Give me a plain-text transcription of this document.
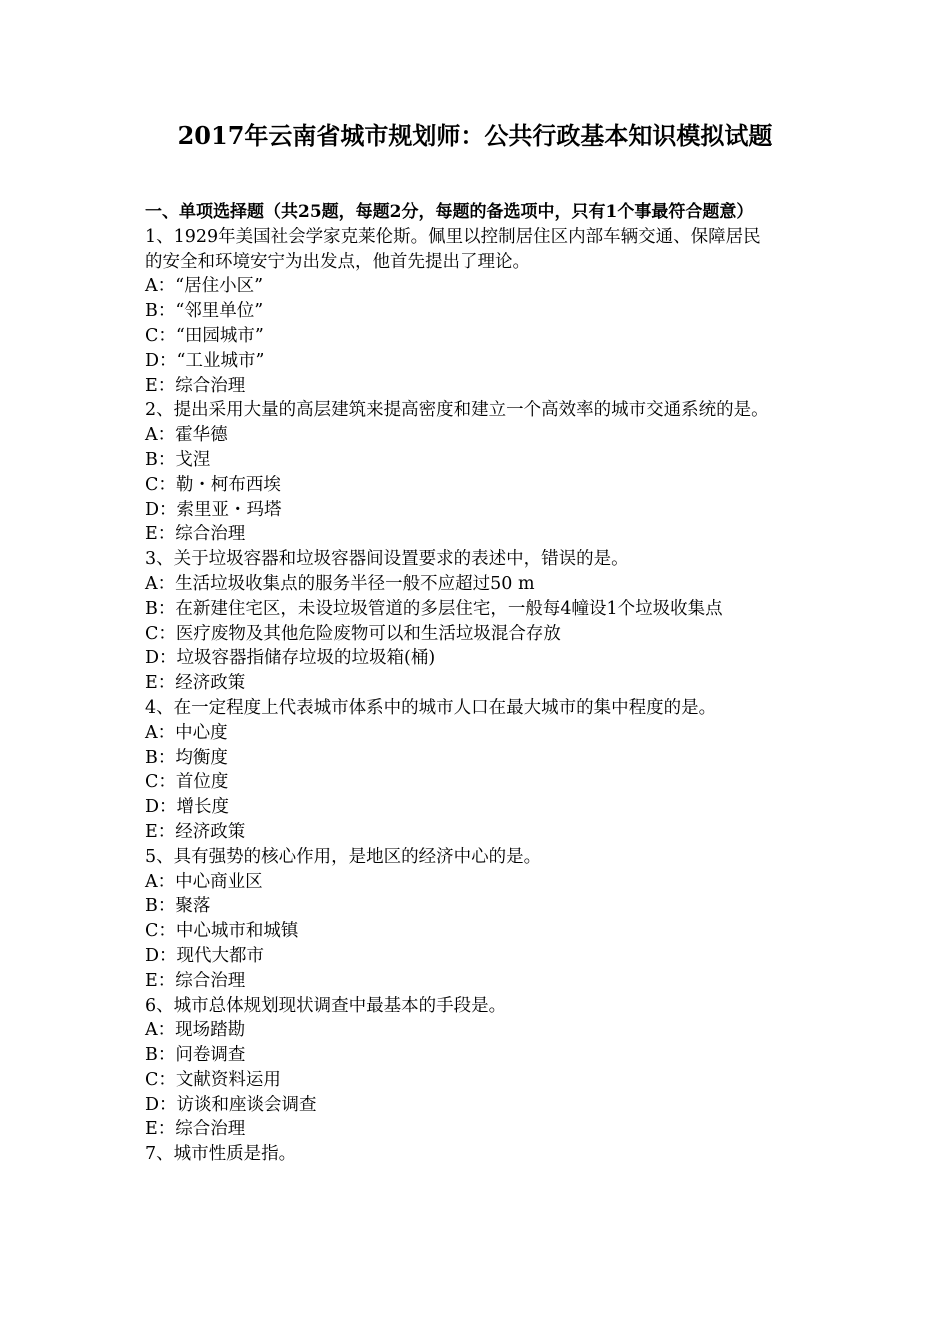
2017年云南省城市规划师：公共行政基本知识模拟试题
一、单项选择题（共25题，每题2分，每题的备选项中，只有1个事最符合题意）
1、1929年美国社会学家克莱伦斯。佩里以控制居住区内部车辆交通、保障居民
的安全和环境安宁为出发点，他首先提出了理论。
A：“居住小区”
B：“邻里单位”
C：“田园城市”
D：“工业城市”
E：综合治理
2、提出采用大量的高层建筑来提高密度和建立一个高效率的城市交通系统的是。
A：霍华德
B：戈涅
C：勒・柯布西埃
D：索里亚・玛塔
E：综合治理
3、关于垃圾容器和垃圾容器间设置要求的表述中，错误的是。
A：生活垃圾收集点的服务半径一般不应超过50 m
B：在新建住宅区，未设垃圾管道的多层住宅，一般每4幢设1个垃圾收集点
C：医疗废物及其他危险废物可以和生活垃圾混合存放
D：垃圾容器指储存垃圾的垃圾箱(桶)
E：经济政策
4、在一定程度上代表城市体系中的城市人口在最大城市的集中程度的是。
A：中心度
B：均衡度
C：首位度
D：增长度
E：经济政策
5、具有强势的核心作用，是地区的经济中心的是。
A：中心商业区
B：聚落
C：中心城市和城镇
D：现代大都市
E：综合治理
6、城市总体规划现状调查中最基本的手段是。
A：现场踏勘
B：问卷调查
C：文献资料运用
D：访谈和座谈会调查
E：综合治理
7、城市性质是指。
